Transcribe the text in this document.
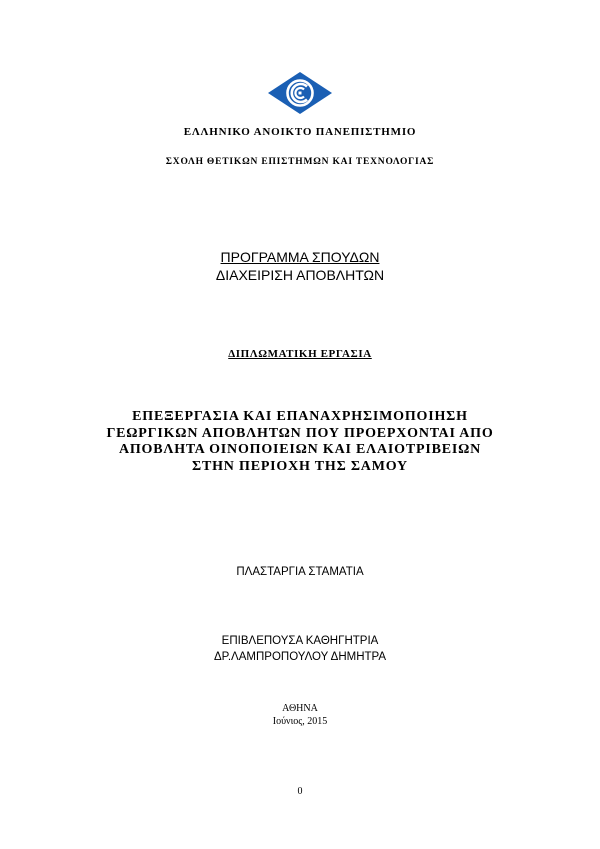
ΕΛΛΗΝΙΚΟ ΑΝΟΙΚΤΟ ΠΑΝΕΠΙΣΤΗΜΙΟ
ΣΧΟΛΗ ΘΕΤΙΚΩΝ ΕΠΙΣΤΗΜΩΝ ΚΑΙ ΤΕΧΝΟΛΟΓΙΑΣ
ΠΡΟΓΡΑΜΜΑ ΣΠΟΥΔΩΝ
ΔΙΑΧΕΙΡΙΣΗ ΑΠΟΒΛΗΤΩΝ
ΔΙΠΛΩΜΑΤΙΚΗ ΕΡΓΑΣΙΑ
ΕΠΕΞΕΡΓΑΣΙΑ ΚΑΙ ΕΠΑΝΑΧΡΗΣΙΜΟΠΟΙΗΣΗ
ΓΕΩΡΓΙΚΩΝ ΑΠΟΒΛΗΤΩΝ ΠΟΥ ΠΡΟΕΡΧΟΝΤΑΙ ΑΠΟ
ΑΠΟΒΛΗΤΑ ΟΙΝΟΠΟΙΕΙΩΝ ΚΑΙ ΕΛΑΙΟΤΡΙΒΕΙΩΝ
ΣΤΗΝ ΠΕΡΙΟΧΗ ΤΗΣ ΣΑΜΟΥ
ΠΛΑΣΤΑΡΓΙΑ ΣΤΑΜΑΤΙΑ
ΕΠΙΒΛΕΠΟΥΣΑ ΚΑΘΗΓΗΤΡΙΑ
ΔΡ.ΛΑΜΠΡΟΠΟΥΛΟΥ ΔΗΜΗΤΡΑ
ΑΘΗΝΑ
Ιούνιος, 2015
0
